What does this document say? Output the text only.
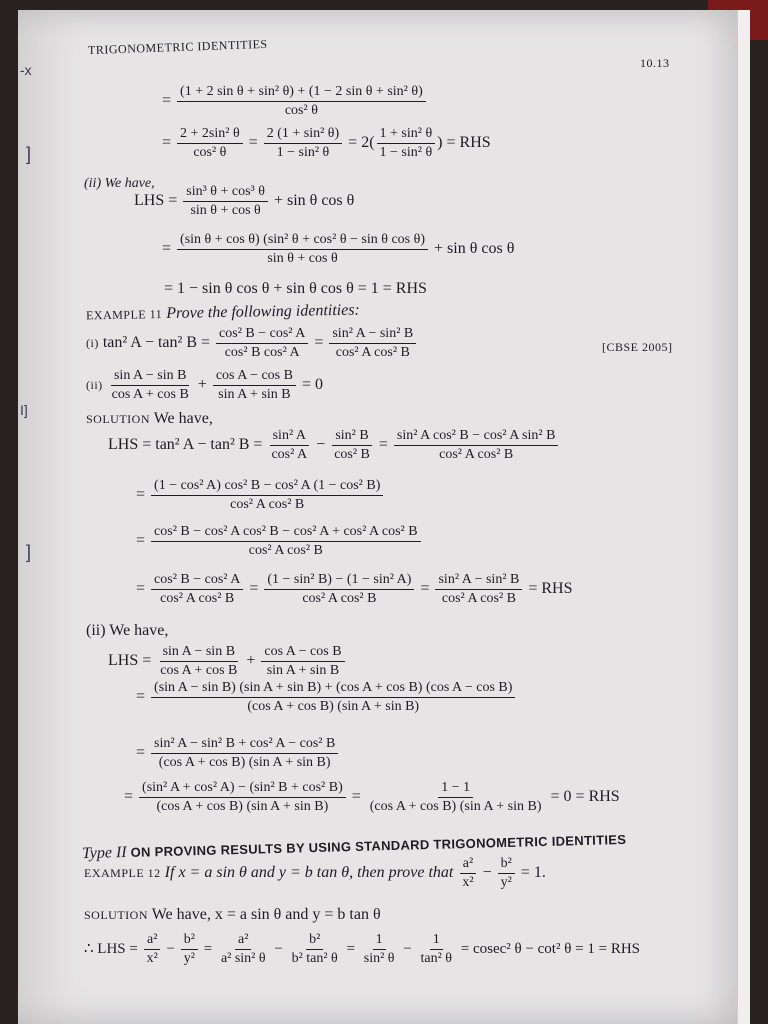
-x
]
I]
]
TRIGONOMETRIC IDENTITIES
10.13
= $\frac{\text{(1 + 2 sin θ + sin² θ) + (1 − 2 sin θ + sin² θ)}}{\text{cos² θ}}$
= $\frac{\text{2 + 2sin² θ}}{\text{cos² θ}} = \frac{\text{2 (1 + sin² θ)}}{\text{1 − sin² θ}} = 2( \frac{\text{1 + sin² θ}}{\text{1 − sin² θ}}$ ) = RHS
(ii) We have,
LHS = $\frac{\text{sin³ θ + cos³ θ}}{\text{sin θ + cos θ}} + \sin \theta$ cos θ
= $\frac{\text{(sin θ + cos θ) (sin² θ + cos² θ − sin θ cos θ)}}{\text{sin θ + cos θ}} + \sin \theta$ cos θ
= 1 − sin θ cos θ + sin θ cos θ = 1 = RHS
EXAMPLE 11 Prove the following identities:
(i) tan² A − tan² $B = \frac{\text{cos² B − cos² A}}{\text{cos² B cos² A}} = \frac{\text{sin² A − sin² B}}{\text{cos² A cos² B}}$	[CBSE 2005]
$(ii) \frac{\text{sin A − sin B}}{\text{cos A + cos B}} + \frac{\text{cos A − cos B}}{\text{sin A + sin B}} = 0$
SOLUTION We have,
LHS = tan² A − tan² $B = \frac{\text{sin² A}}{\text{cos² A}} - \frac{\text{sin² B}}{\text{cos² B}} = \frac{\text{sin² A cos² B − cos² A sin² B}}{\text{cos² A cos² B}}$
= $\frac{\text{(1 − cos² A) cos² B − cos² A (1 − cos² B)}}{\text{cos² A cos² B}}$
= $\frac{\text{cos² B − cos² A cos² B − cos² A + cos² A cos² B}}{\text{cos² A cos² B}}$
= $\frac{\text{cos² B − cos² A}}{\text{cos² A cos² B}} = \frac{\text{(1 − sin² B) − (1 − sin² A)}}{\text{cos² A cos² B}} = \frac{\text{sin² A − sin² B}}{\text{cos² A cos² B}}$ = RHS
(ii) We have,
LHS = $\frac{\text{sin A − sin B}}{\text{cos A + cos B}} + \frac{\text{cos A − cos B}}{\text{sin A + sin B}}$
=
(sin A − sin B) (sin A + sin B) + (cos A + cos B) (cos A − cos B)
(cos A + cos B) (sin A + sin B)
= $\frac{\text{sin² A − sin² B + cos² A − cos² B}}{\text{(cos A + cos B) (sin A + sin B)}}$
= $\frac{\text{(sin² A + cos² A) − (sin² B + cos² B)}}{\text{(cos A + cos B) (sin A + sin B)}} = \frac{1 - 1}{\text{(cos A + cos B) (sin A + sin B)}} = 0$ = RHS
Type II ON PROVING RESULTS BY USING STANDARD TRIGONOMETRIC IDENTITIES
EXAMPLE 12 If x = a sin θ and y = b tan θ, then prove that $\frac{\text{a²}}{\text{x²}} - \frac{\text{b²}}{\text{y²}} = 1$.
SOLUTION We have, x = a sin θ and y = b tan θ
∴ LHS = $\frac{\text{a²}}{\text{x²}} - \frac{\text{b²}}{\text{y²}} = \frac{\text{a²}}{\text{a² sin² θ}} - \frac{\text{b²}}{\text{b² tan² θ}} = \frac{1}{\text{sin² θ}} - \frac{1}{\text{tan² θ}} = cosec^2$ θ − cot² θ = 1 = RHS
